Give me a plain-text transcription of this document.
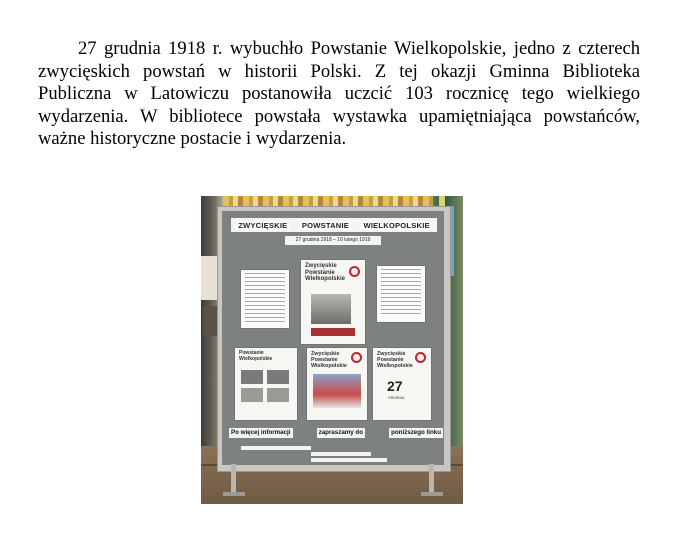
27 grudnia 1918 r. wybuchło Powstanie Wielkopolskie, jedno z czterech zwycięskich powstań w historii Polski. Z tej okazji Gminna Biblioteka Publiczna w Latowiczu postanowiła uczcić 103 rocznicę tego wielkiego wydarzenia. W bibliotece powstała wystawka upamiętniająca powstańców, ważne historyczne postacie i wydarzenia.

ZWYCIĘSKIE POWSTANIE WIELKOPOLSKIE
27 grudnia 1918 – 16 lutego 1919
Zwycięskie Powstanie Wielkopolskie
Powstanie Wielkopolskie
Zwycięskie Powstanie Wielkopolskie
Zwycięskie Powstanie Wielkopolskie
27
GRUDNIA
Po więcej informacji	zapraszamy do	poniższego linku
